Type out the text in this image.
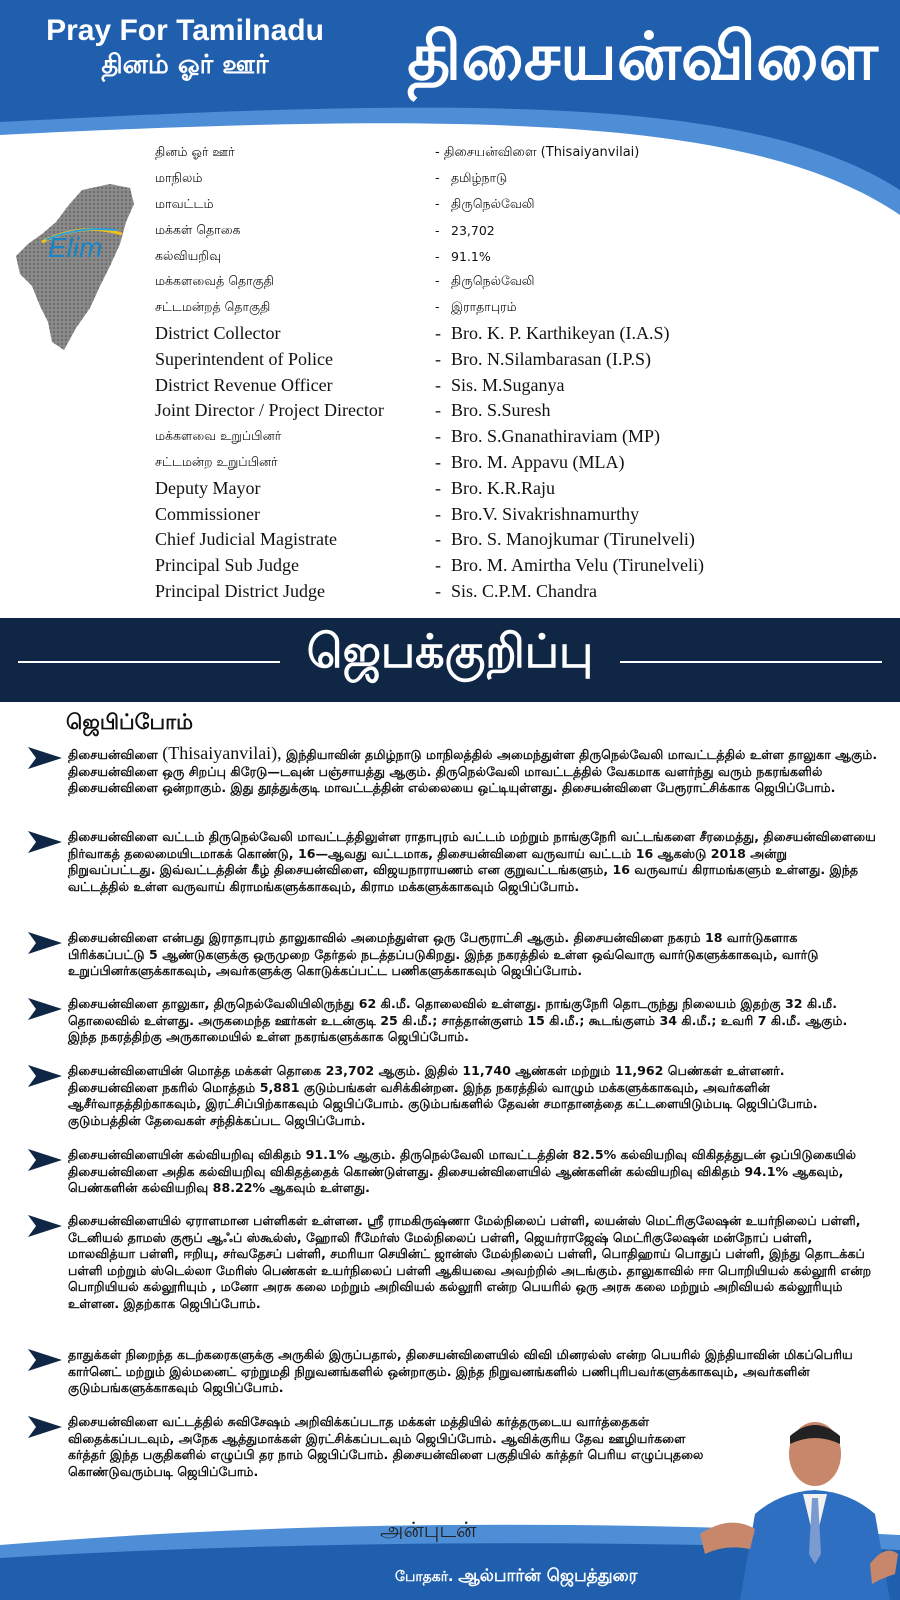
Pray For Tamilnadu
தினம் ஓர் ஊர்	திசையன்விளை
Elim
தினம் ஓர் ஊர்	- திசையன்விளை (Thisaiyanvilai)
மாநிலம்	- தமிழ்நாடு
மாவட்டம்	- திருநெல்வேலி
மக்கள் தொகை	- 23,702
கல்வியறிவு	- 91.1%
மக்களவைத் தொகுதி	- திருநெல்வேலி
சட்டமன்றத் தொகுதி	- இராதாபுரம்
District Collector	- Bro. K. P. Karthikeyan (I.A.S)
Superintendent of Police	- Bro. N.Silambarasan (I.P.S)
District Revenue Officer	- Sis. M.Suganya
Joint Director / Project Director	- Bro. S.Suresh
மக்களவை உறுப்பினர்	- Bro. S.Gnanathiraviam (MP)
சட்டமன்ற உறுப்பினர்	- Bro. M. Appavu (MLA)
Deputy Mayor	- Bro. K.R.Raju
Commissioner	- Bro.V. Sivakrishnamurthy
Chief Judicial Magistrate	- Bro. S. Manojkumar (Tirunelveli)
Principal Sub Judge	- Bro. M. Amirtha Velu (Tirunelveli)
Principal District Judge	- Sis. C.P.M. Chandra
ஜெபக்குறிப்பு
ஜெபிப்போம்
திசையன்விளை (Thisaiyanvilai), இந்தியாவின் தமிழ்நாடு மாநிலத்தில் அமைந்துள்ள திருநெல்வேலி மாவட்டத்தில் உள்ள தாலுகா ஆகும். திசையன்விளை ஒரு சிறப்பு கிரேடு—டவுன் பஞ்சாயத்து ஆகும். திருநெல்வேலி மாவட்டத்தில் வேகமாக வளர்ந்து வரும் நகரங்களில் திசையன்விளை ஒன்றாகும். இது தூத்துக்குடி மாவட்டத்தின் எல்லையை ஒட்டியுள்ளது. திசையன்விளை பேரூராட்சிக்காக ஜெபிப்போம்.
திசையன்விளை வட்டம் திருநெல்வேலி மாவட்டத்திலுள்ள ராதாபுரம் வட்டம் மற்றும் நாங்குநேரி வட்டங்களை சீரமைத்து, திசையன்விளையை நிர்வாகத் தலைமையிடமாகக் கொண்டு, 16—ஆவது வட்டமாக, திசையன்விளை வருவாய் வட்டம் 16 ஆகஸ்டு 2018 அன்று நிறுவப்பட்டது. இவ்வட்டத்தின் கீழ் திசையன்விளை, விஜயநாராயணம் என குறுவட்டங்களும், 16 வருவாய் கிராமங்களும் உள்ளது. இந்த வட்டத்தில் உள்ள வருவாய் கிராமங்களுக்காகவும், கிராம மக்களுக்காகவும் ஜெபிப்போம்.
திசையன்விளை என்பது இராதாபுரம் தாலுகாவில் அமைந்துள்ள ஒரு பேரூராட்சி ஆகும். திசையன்விளை நகரம் 18 வார்டுகளாக பிரிக்கப்பட்டு 5 ஆண்டுகளுக்கு ஒருமுறை தேர்தல் நடத்தப்படுகிறது. இந்த நகரத்தில் உள்ள ஒவ்வொரு வார்டுகளுக்காகவும், வார்டு உறுப்பினர்களுக்காகவும், அவர்களுக்கு கொடுக்கப்பட்ட பணிகளுக்காகவும் ஜெபிப்போம்.
திசையன்விளை தாலுகா, திருநெல்வேலியிலிருந்து 62 கி.மீ. தொலைவில் உள்ளது. நாங்குநேரி தொடருந்து நிலையம் இதற்கு 32 கி.மீ. தொலைவில் உள்ளது. அருகமைந்த ஊர்கள் உடன்குடி 25 கி.மீ.; சாத்தான்குளம் 15 கி.மீ.; கூடங்குளம் 34 கி.மீ.; உவரி 7 கி.மீ. ஆகும். இந்த நகரத்திற்கு அருகாமையில் உள்ள நகரங்களுக்காக ஜெபிப்போம்.
திசையன்விளையின் மொத்த மக்கள் தொகை 23,702 ஆகும். இதில் 11,740 ஆண்கள் மற்றும் 11,962 பெண்கள் உள்ளனர். திசையன்விளை நகரில் மொத்தம் 5,881 குடும்பங்கள் வசிக்கின்றன. இந்த நகரத்தில் வாழும் மக்களுக்காகவும், அவர்களின் ஆசீர்வாதத்திற்காகவும், இரட்சிப்பிற்காகவும் ஜெபிப்போம். குடும்பங்களில் தேவன் சமாதானத்தை கட்டளையிடும்படி ஜெபிப்போம். குடும்பத்தின் தேவைகள் சந்திக்கப்பட ஜெபிப்போம்.
திசையன்விளையின் கல்வியறிவு விகிதம் 91.1% ஆகும். திருநெல்வேலி மாவட்டத்தின் 82.5% கல்வியறிவு விகிதத்துடன் ஒப்பிடுகையில் திசையன்விளை அதிக கல்வியறிவு விகிதத்தைக் கொண்டுள்ளது. திசையன்விளையில் ஆண்களின் கல்வியறிவு விகிதம் 94.1% ஆகவும், பெண்களின் கல்வியறிவு 88.22% ஆகவும் உள்ளது.
திசையன்விளையில் ஏராளமான பள்ளிகள் உள்ளன. ஸ்ரீ ராமகிருஷ்ணா மேல்நிலைப் பள்ளி, லயன்ஸ் மெட்ரிகுலேஷன் உயர்நிலைப் பள்ளி, டேனியல் தாமஸ் குரூப் ஆஃப் ஸ்கூல்ஸ், ஹோலி ரீமேர்ஸ் மேல்நிலைப் பள்ளி, ஜெயர்ராஜேஷ் மெட்ரிகுலேஷன் மன்நோப் பள்ளி, மாலவித்யா பள்ளி, ஈறியு, சர்வதேசப் பள்ளி, சமரியா செயின்ட் ஜான்ஸ் மேல்நிலைப் பள்ளி, பொதிஹாய் பொதுப் பள்ளி, இந்து தொடக்கப் பள்ளி மற்றும் ஸ்டெல்லா மேரிஸ் பெண்கள் உயர்நிலைப் பள்ளி ஆகியவை அவற்றில் அடங்கும். தாலுகாவில் ஈா பொறியியல் கல்லூரி என்ற பொறியியல் கல்லூரியும் , மனோ அரசு கலை மற்றும் அறிவியல் கல்லூரி என்ற பெயரில் ஒரு அரசு கலை மற்றும் அறிவியல் கல்லூரியும் உள்ளன. இதற்காக ஜெபிப்போம்.
தாதுக்கள் நிறைந்த கடற்கரைகளுக்கு அருகில் இருப்பதால், திசையன்விளையில் விவி மினரல்ஸ் என்ற பெயரில் இந்தியாவின் மிகப்பெரிய கார்னெட் மற்றும் இல்மனைட் ஏற்றுமதி நிறுவனங்களில் ஒன்றாகும். இந்த நிறுவனங்களில் பணிபுரிபவர்களுக்காகவும், அவர்களின் குடும்பங்களுக்காகவும் ஜெபிப்போம்.
திசையன்விளை வட்டத்தில் சுவிசேஷம் அறிவிக்கப்படாத மக்கள் மத்தியில் கர்த்தருடைய வார்த்தைகள் விதைக்கப்படவும், அநேக ஆத்துமாக்கள் இரட்சிக்கப்படவும் ஜெபிப்போம். ஆவிக்குரிய தேவ ஊழியர்களை கர்த்தர் இந்த பகுதிகளில் எழுப்பி தர நாம் ஜெபிப்போம். திசையன்விளை பகுதியில் கர்த்தர் பெரிய எழுப்புதலை கொண்டுவரும்படி ஜெபிப்போம்.
அன்புடன்
போதகர். ஆல்பார்ன் ஜெபத்துரை
